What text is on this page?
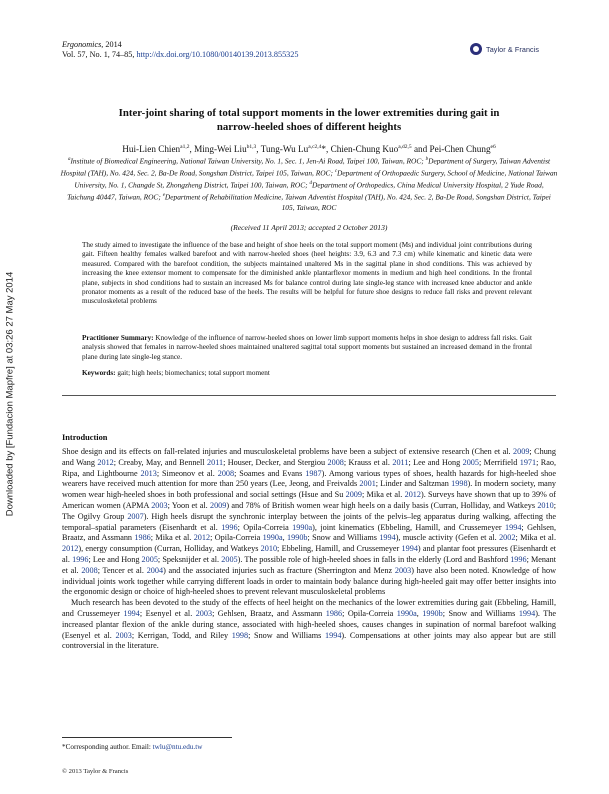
Ergonomics, 2014
Vol. 57, No. 1, 74–85, http://dx.doi.org/10.1080/00140139.2013.855325
Taylor & Francis
Downloaded by [Fundacion Mapfre] at 03:26 27 May 2014
Inter-joint sharing of total support moments in the lower extremities during gait in
narrow-heeled shoes of different heights
Hui-Lien Chien$^{a1,2}$, Ming-Wei Liu$^{b1,3}$, Tung-Wu $Lu^{a,c2,4}*$, Chien-Chung Kuo$^{a,d2,5}$ and Pei-Chen Chung$^{e6}$
$^a$Institute of Biomedical Engineering, National Taiwan University, No. 1, Sec. 1, Jen-Ai Road, Taipei 100, Taiwan, ROC; $^b$Department of Surgery, Taiwan Adventist Hospital (TAH), No. 424, Sec. 2, Ba-De Road, Songshan District, Taipei 105, Taiwan, ROC; $^c$Department of Orthopaedic Surgery, School of Medicine, National Taiwan University, No. 1, Changde St, Zhongzheng District, Taipei 100, Taiwan, ROC; $^d$Department of Orthopedics, China Medical University Hospital, 2 Yude Road, Taichung 40447, Taiwan, ROC; $^e$Department of Rehabilitation Medicine, Taiwan Adventist Hospital (TAH), No. 424, Sec. 2, Ba-De Road, Songshan District, Taipei 105, Taiwan, ROC
(Received 11 April 2013; accepted 2 October 2013)
The study aimed to investigate the influence of the base and height of shoe heels on the total support moment (Ms) and individual joint contributions during gait. Fifteen healthy females walked barefoot and with narrow-heeled shoes (heel heights: 3.9, 6.3 and 7.3 cm) while kinematic and kinetic data were measured. Compared with the barefoot condition, the subjects maintained unaltered Ms in the sagittal plane in shod conditions. This was achieved by increasing the knee extensor moment to compensate for the diminished ankle plantarflexor moments in medium and high heel conditions. In the frontal plane, subjects in shod conditions had to sustain an increased Ms for balance control during late single-leg stance with increased knee abductor and ankle pronator moments as a result of the reduced base of the heels. The results will be helpful for future shoe designs to reduce fall risks and prevent relevant musculoskeletal problems
Practitioner Summary: Knowledge of the influence of narrow-heeled shoes on lower limb support moments helps in shoe design to address fall risks. Gait analysis showed that females in narrow-heeled shoes maintained unaltered sagittal total support moments but sustained an increased demand in the frontal plane during late single-leg stance.
Keywords: gait; high heels; biomechanics; total support moment
Introduction

Shoe design and its effects on fall-related injuries and musculoskeletal problems have been a subject of extensive research (Chen et al. 2009; Chung and Wang 2012; Creaby, May, and Bennell 2011; Houser, Decker, and Stergiou 2008; Krauss et al. 2011; Lee and Hong 2005; Merrifield 1971; Rao, Ripa, and Lightbourne 2013; Simeonov et al. 2008; Soames and Evans 1987). Among various types of shoes, health hazards for high-heeled shoe wearers have received much attention for more than 250 years (Lee, Jeong, and Freivalds 2001; Linder and Saltzman 1998). In modern society, many women wear high-heeled shoes in both professional and social settings (Hsue and Su 2009; Mika et al. 2012). Surveys have shown that up to 39% of American women (APMA 2003; Yoon et al. 2009) and 78% of British women wear high heels on a daily basis (Curran, Holliday, and Watkeys 2010; The Ogilvy Group 2007). High heels disrupt the synchronic interplay between the joints of the pelvis–leg apparatus during walking, affecting the temporal–spatial parameters (Eisenhardt et al. 1996; Opila-Correia 1990a), joint kinematics (Ebbeling, Hamill, and Crussemeyer 1994; Gehlsen, Braatz, and Assmann 1986; Mika et al. 2012; Opila-Correia 1990a, 1990b; Snow and Williams 1994), muscle activity (Gefen et al. 2002; Mika et al. 2012), energy consumption (Curran, Holliday, and Watkeys 2010; Ebbeling, Hamill, and Crussemeyer 1994) and plantar foot pressures (Eisenhardt et al. 1996; Lee and Hong 2005; Speksnijder et al. 2005). The possible role of high-heeled shoes in falls in the elderly (Lord and Bashford 1996; Menant et al. 2008; Tencer et al. 2004) and the associated injuries such as fracture (Sherrington and Menz 2003) have also been noted. Knowledge of how individual joints work together while carrying different loads in order to maintain body balance during high-heeled gait may offer better insights into the ergonomic design or choice of high-heeled shoes to prevent relevant musculoskeletal problems

Much research has been devoted to the study of the effects of heel height on the mechanics of the lower extremities during gait (Ebbeling, Hamill, and Crussemeyer 1994; Esenyel et al. 2003; Gehlsen, Braatz, and Assmann 1986; Opila-Correia 1990a, 1990b; Snow and Williams 1994). The increased plantar flexion of the ankle during stance, associated with high-heeled shoes, causes changes in supination of normal barefoot walking (Esenyel et al. 2003; Kerrigan, Todd, and Riley 1998; Snow and Williams 1994). Compensations at other joints may also appear but are still controversial in the literature.

*Corresponding author. Email: twlu@ntu.edu.tw
© 2013 Taylor & Francis
